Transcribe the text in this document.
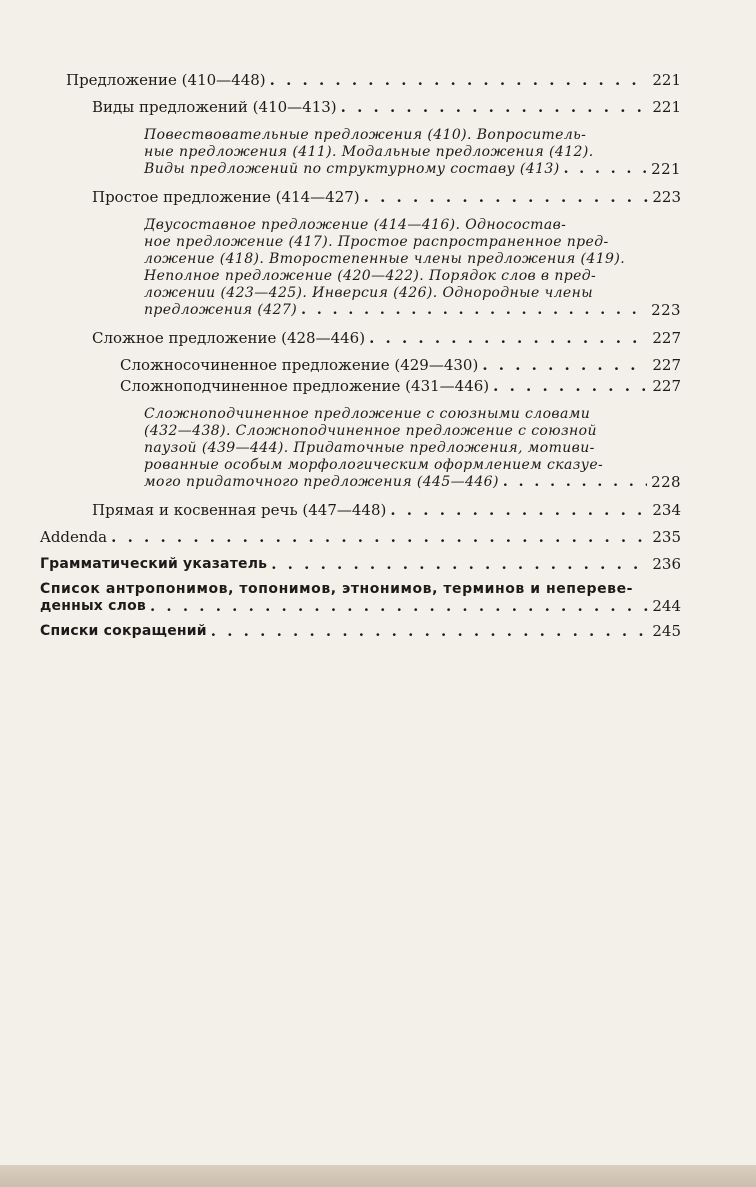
Предложение (410—448) . . .	221
Виды предложений (410—413) . . .	221
Повествовательные предложения (410). Вопроситель-
ные предложения (411). Модальные предложения (412).
Виды предложений по структурному составу (413) . . .	221
Простое предложение (414—427) . . .	223
Двусоставное предложение (414—416). Односостав-
ное предложение (417). Простое распространенное пред-
ложение (418). Второстепенные члены предложения (419).
Неполное предложение (420—422). Порядок слов в пред-
ложении (423—425). Инверсия (426). Однородные члены
предложения (427) . . .	223
Сложное предложение (428—446) . . .	227
Сложносочиненное предложение (429—430) . . .	227
Сложноподчиненное предложение (431—446) . . .	227
Сложноподчиненное предложение с союзными словами
(432—438). Сложноподчиненное предложение с союзной
паузой (439—444). Придаточные предложения, мотиви-
рованные особым морфологическим оформлением сказуе-
мого придаточного предложения (445—446) . . .	228
Прямая и косвенная речь (447—448) . . .	234
Addenda . . .	235
Грамматический указатель . . .	236
Список антропонимов, топонимов, этнонимов, терминов и непереве-
денных слов . . .	244
Списки сокращений . . .	245
